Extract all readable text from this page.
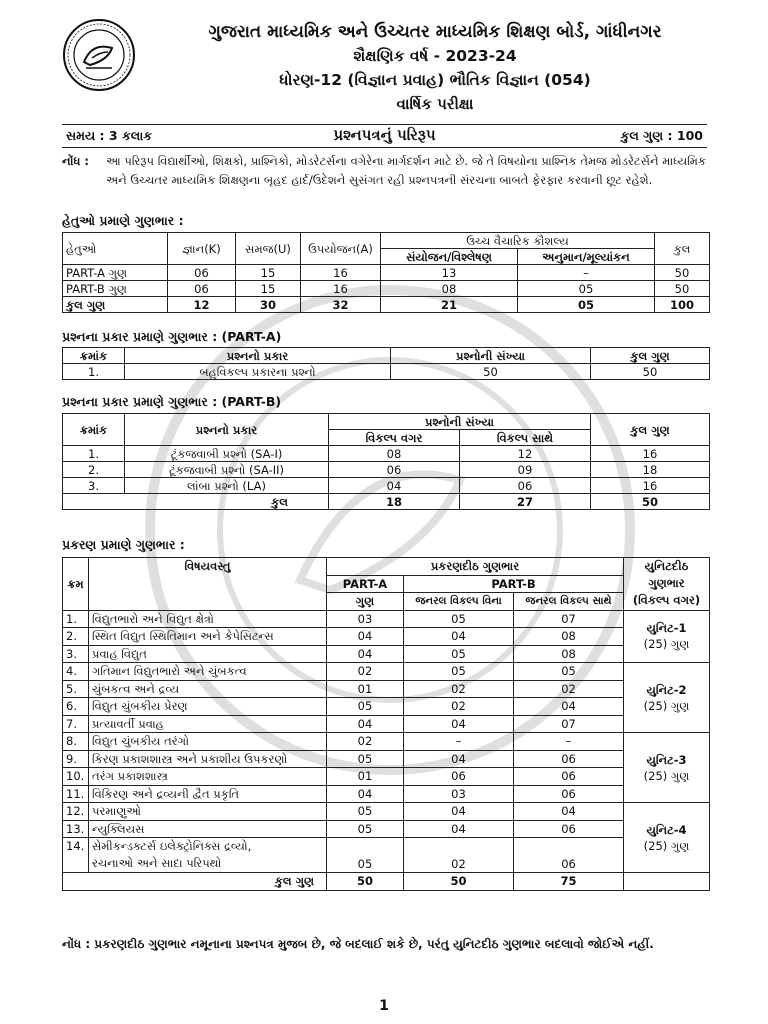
ગુજરાત માધ્યમિક અને ઉચ્ચતર માધ્યમિક શિક્ષણ બોર્ડ, ગાંધીનગર
શૈક્ષણિક વર્ષ - 2023-24
ધોરણ-12 (વિજ્ઞાન પ્રવાહ) ભૌતિક વિજ્ઞાન (054)
વાર્ષિક પરીક્ષા
સમય : 3 કલાક	પ્રશ્નપત્રનું પરિરૂપ	કુલ ગુણ : 100
નોંધ : આ પરિરૂપ વિદ્યાર્થીઓ, શિક્ષકો, પ્રાશ્નિકો, મોડરેટર્સના વગેરેના માર્ગદર્શન માટે છે. જે તે વિષયોના પ્રાશ્નિક તેમજ મોડરેટર્સને માધ્યમિક અને ઉચ્ચતર માધ્યમિક શિક્ષણના બૃહદ હાર્દ/ઉદેશને સુસંગત રહી પ્રશ્નપત્રની સંરચના બાબતે ફેરફાર કરવાની છૂટ રહેશે.
હેતુઓ પ્રમાણે ગુણભાર :
હેતુઓ	જ્ઞાન(K)	સમજ(U)	ઉપયોજન(A)	ઉચ્ચ વૈચારિક કૌશલ્ય		કુલ
				સંયોજન/વિશ્લેષણ	અનુમાન/મૂલ્યાંકન	
PART-A ગુણ	06	15	16	13	–	50
PART-B ગુણ	06	15	16	08	05	50
કુલ ગુણ	12	30	32	21	05	100
પ્રશ્નના પ્રકાર પ્રમાણે ગુણભાર : (PART-A)
ક્રમાંક	પ્રશ્નનો પ્રકાર	પ્રશ્નોની સંખ્યા	કુલ ગુણ
1.	બહુવિકલ્પ પ્રકારના પ્રશ્નો	50	50
પ્રશ્નના પ્રકાર પ્રમાણે ગુણભાર : (PART-B)
ક્રમાંક	પ્રશ્નનો પ્રકાર	પ્રશ્નોની સંખ્યા		કુલ ગુણ
		વિકલ્પ વગર	વિકલ્પ સાથે	
1.	ટૂંકજવાબી પ્રશ્નો (SA-I)	08	12	16
2.	ટૂંકજવાબી પ્રશ્નો (SA-II)	06	09	18
3.	લાંબા પ્રશ્નો (LA)	04	06	16
કુલ		18	27	50
પ્રકરણ પ્રમાણે ગુણભાર :
ક્રમ	વિષયવસ્તુ	પ્રકરણદીઠ ગુણભાર			યુનિટદીઠ ગુણભાર
(વિકલ્પ વગર)

		PART-A	PART-B		
		ગુણ	જનરલ વિકલ્પ વિના	જનરલ વિકલ્પ સાથે	
1.	વિદ્યુતભારો અને વિદ્યુત ક્ષેત્રો	03	05	07	યુનિટ-1
(25) ગુણ

2.	સ્થિત વિદ્યુત સ્થિતિમાન અને કેપેસિટન્સ	04	04	08	
3.	પ્રવાહ વિદ્યુત	04	05	08	
4.	ગતિમાન વિદ્યુતભારો અને ચુંબકત્વ	02	05	05	યુનિટ-2
(25) ગુણ

5.	ચુંબકત્વ અને દ્રવ્ય	01	02	02	
6.	વિદ્યુત ચુંબકીય પ્રેરણ	05	02	04	
7.	પ્રત્યાવર્તી પ્રવાહ	04	04	07	
8.	વિદ્યુત ચુંબકીય તરંગો	02	–	–	યુનિટ-3
(25) ગુણ

9.	કિરણ પ્રકાશશાસ્ત્ર અને પ્રકાશીય ઉપકરણો	05	04	06	
10.	તરંગ પ્રકાશશાસ્ત્ર	01	06	06	
11.	વિકિરણ અને દ્રવ્યની દ્વૈત પ્રકૃતિ	04	03	06	
12.	પરમાણુઓ	05	04	04	યુનિટ-4
(25) ગુણ

13.	ન્યુક્લિયસ	05	04	06	
14.	સેમીકન્ડક્ટર્સ ઇલેક્ટ્રોનિક્સ દ્રવ્યો,
રચનાઓ અને સાદા પરિપથો	05	02	06	
કુલ ગુણ		50	50	75	
નોંધ : પ્રકરણદીઠ ગુણભાર નમૂનાના પ્રશ્નપત્ર મુજબ છે, જે બદલાઈ શકે છે, પરંતુ યુનિટદીઠ ગુણભાર બદલાવો જોઈએ નહીં.
1
